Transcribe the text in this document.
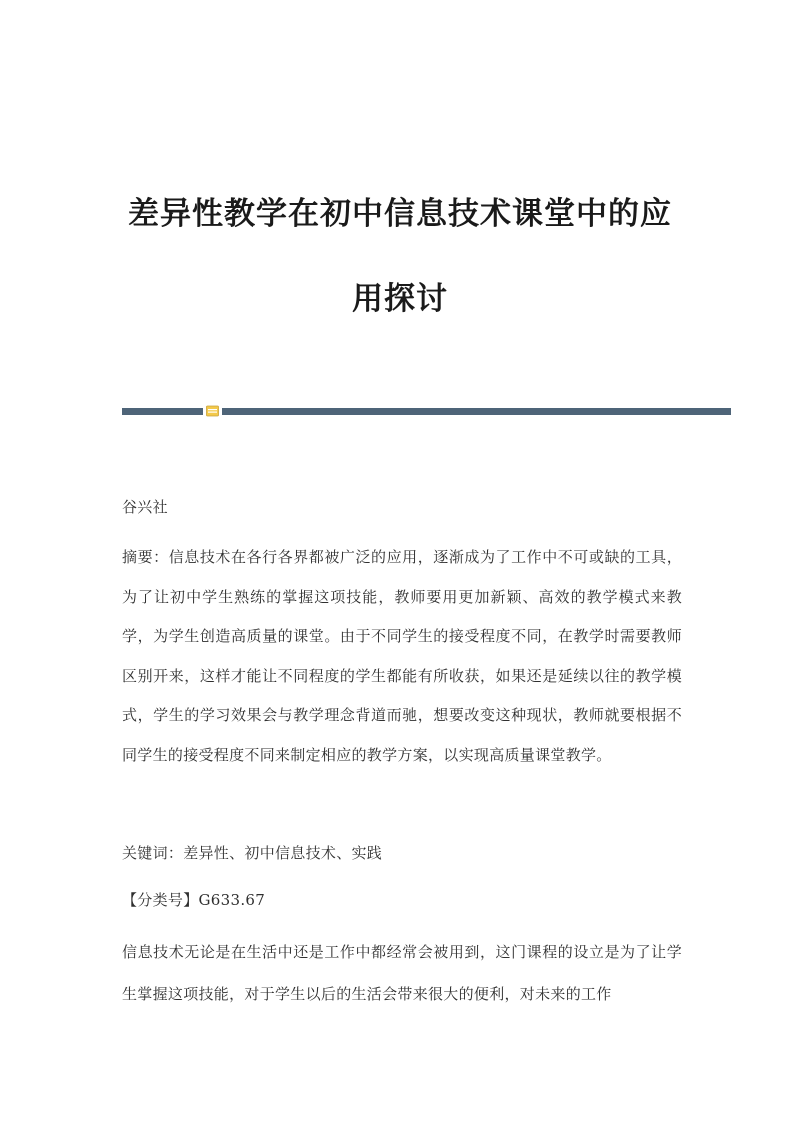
差异性教学在初中信息技术课堂中的应
用探讨
谷兴社
摘要：信息技术在各行各界都被广泛的应用，逐渐成为了工作中不可或缺的工具，为了让初中学生熟练的掌握这项技能，教师要用更加新颖、高效的教学模式来教学，为学生创造高质量的课堂。由于不同学生的接受程度不同，在教学时需要教师区别开来，这样才能让不同程度的学生都能有所收获，如果还是延续以往的教学模式，学生的学习效果会与教学理念背道而驰，想要改变这种现状，教师就要根据不同学生的接受程度不同来制定相应的教学方案，以实现高质量课堂教学。
关键词：差异性、初中信息技术、实践
【分类号】G633.67
信息技术无论是在生活中还是工作中都经常会被用到，这门课程的设立是为了让学生掌握这项技能，对于学生以后的生活会带来很大的便利，对未来的工作
